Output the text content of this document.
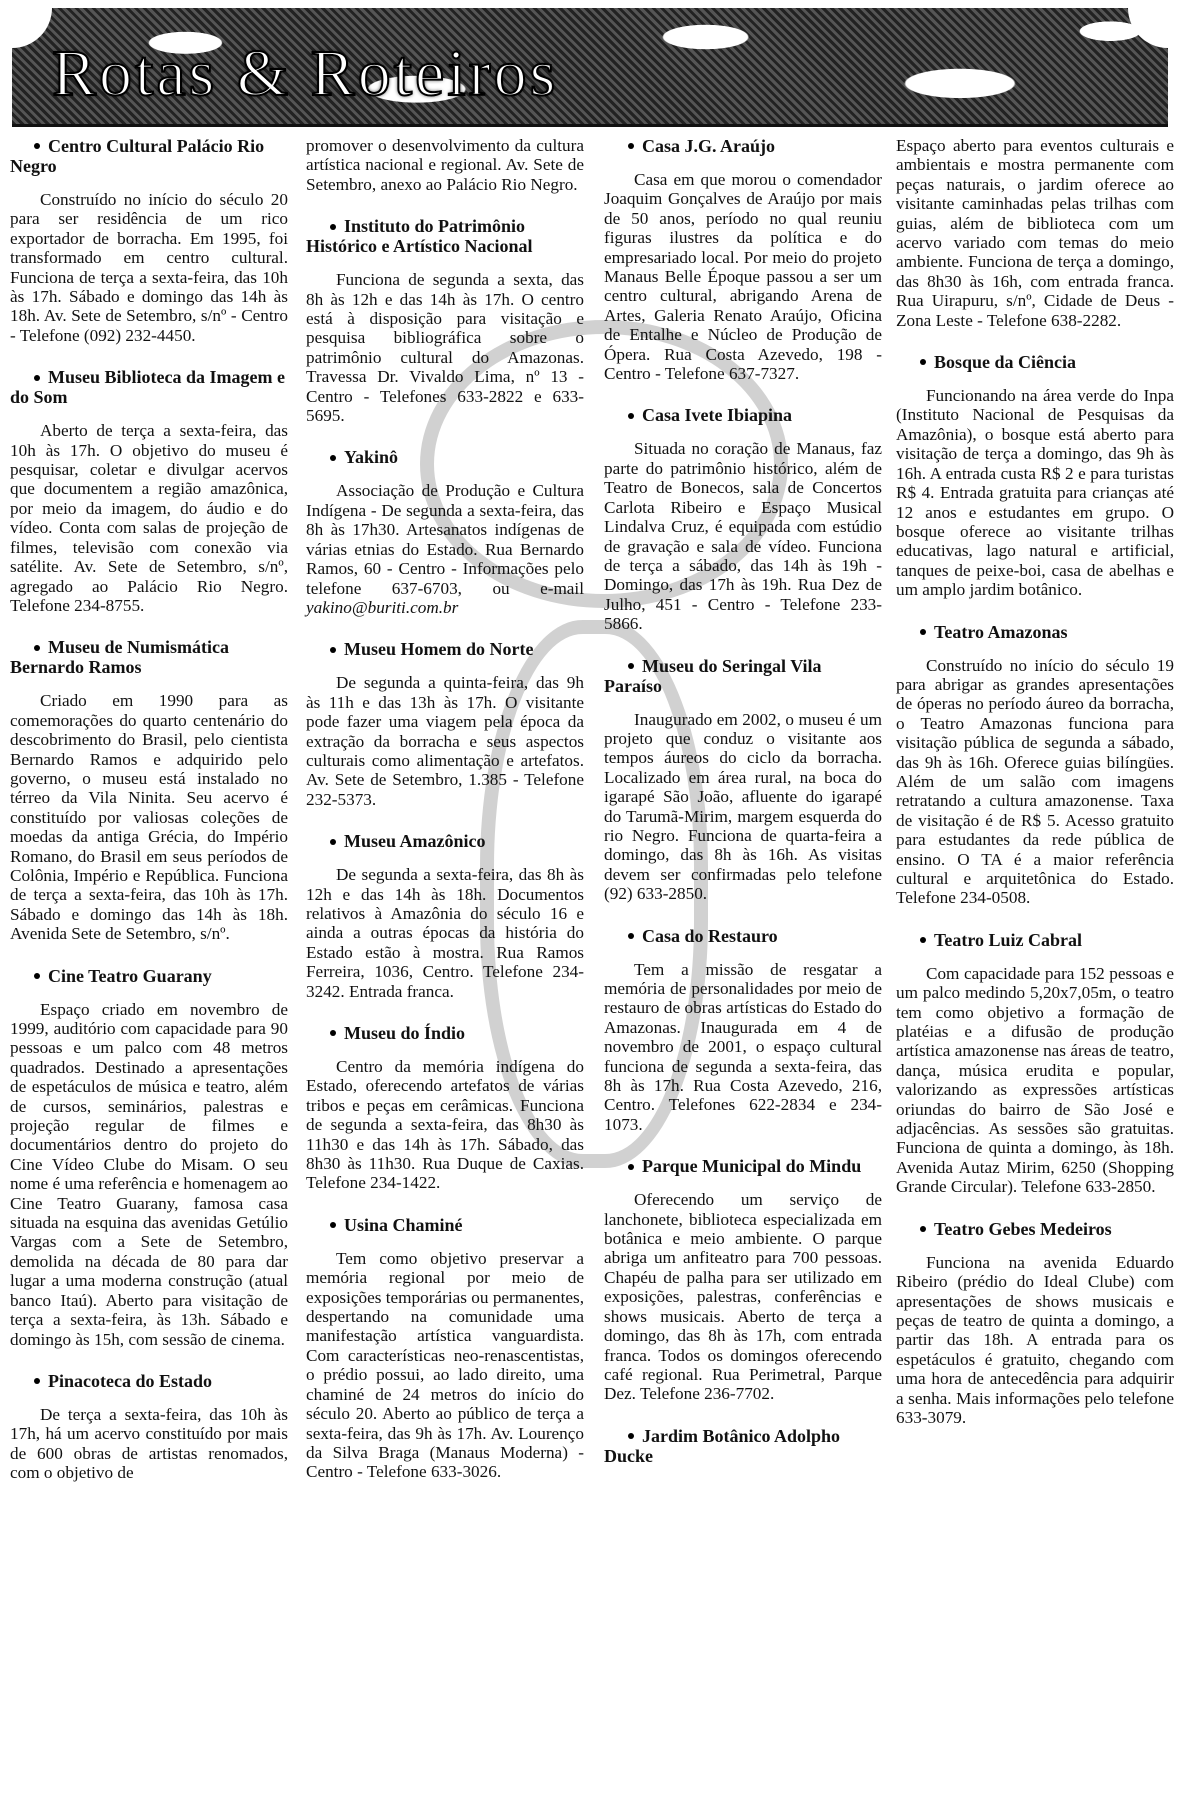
Rotas & Roteiros
Centro Cultural Palácio Rio Negro

Construído no início do século 20 para ser residência de um rico exportador de borracha. Em 1995, foi transformado em centro cultural. Funciona de terça a sexta-feira, das 10h às 17h. Sábado e domingo das 14h às 18h. Av. Sete de Setembro, s/nº - Centro - Telefone (092) 232-4450.

Museu Biblioteca da Imagem e do Som

Aberto de terça a sexta-feira, das 10h às 17h. O objetivo do museu é pesquisar, coletar e divulgar acervos que documentem a região amazônica, por meio da imagem, do áudio e do vídeo. Conta com salas de projeção de filmes, televisão com conexão via satélite. Av. Sete de Setembro, s/nº, agregado ao Palácio Rio Negro. Telefone 234-8755.

Museu de Numismática Bernardo Ramos

Criado em 1990 para as comemorações do quarto centenário do descobrimento do Brasil, pelo cientista Bernardo Ramos e adquirido pelo governo, o museu está instalado no térreo da Vila Ninita. Seu acervo é constituído por valiosas coleções de moedas da antiga Grécia, do Império Romano, do Brasil em seus períodos de Colônia, Império e República. Funciona de terça a sexta-feira, das 10h às 17h. Sábado e domingo das 14h às 18h. Avenida Sete de Setembro, s/nº.

Cine Teatro Guarany

Espaço criado em novembro de 1999, auditório com capacidade para 90 pessoas e um palco com 48 metros quadrados. Destinado a apresentações de espetáculos de música e teatro, além de cursos, seminários, palestras e projeção regular de filmes e documentários dentro do projeto do Cine Vídeo Clube do Misam. O seu nome é uma referência e homenagem ao Cine Teatro Guarany, famosa casa situada na esquina das avenidas Getúlio Vargas com a Sete de Setembro, demolida na década de 80 para dar lugar a uma moderna construção (atual banco Itaú). Aberto para visitação de terça a sexta-feira, às 13h. Sábado e domingo às 15h, com sessão de cinema.

Pinacoteca do Estado

De terça a sexta-feira, das 10h às 17h, há um acervo constituído por mais de 600 obras de artistas renomados, com o objetivo de

promover o desenvolvimento da cultura artística nacional e regional. Av. Sete de Setembro, anexo ao Palácio Rio Negro.

Instituto do Patrimônio Histórico e Artístico Nacional

Funciona de segunda a sexta, das 8h às 12h e das 14h às 17h. O centro está à disposição para visitação e pesquisa bibliográfica sobre o patrimônio cultural do Amazonas. Travessa Dr. Vivaldo Lima, nº 13 - Centro - Telefones 633-2822 e 633-5695.

Yakinô

Associação de Produção e Cultura Indígena - De segunda a sexta-feira, das 8h às 17h30. Artesanatos indígenas de várias etnias do Estado. Rua Bernardo Ramos, 60 - Centro - Informações pelo telefone 637-6703, ou e-mail yakino@buriti.com.br

Museu Homem do Norte

De segunda a quinta-feira, das 9h às 11h e das 13h às 17h. O visitante pode fazer uma viagem pela época da extração da borracha e seus aspectos culturais como alimentação e artefatos. Av. Sete de Setembro, 1.385 - Telefone 232-5373.

Museu Amazônico

De segunda a sexta-feira, das 8h às 12h e das 14h às 18h. Documentos relativos à Amazônia do século 16 e ainda a outras épocas da história do Estado estão à mostra. Rua Ramos Ferreira, 1036, Centro. Telefone 234-3242. Entrada franca.

Museu do Índio

Centro da memória indígena do Estado, oferecendo artefatos de várias tribos e peças em cerâmicas. Funciona de segunda a sexta-feira, das 8h30 às 11h30 e das 14h às 17h. Sábado, das 8h30 às 11h30. Rua Duque de Caxias. Telefone 234-1422.

Usina Chaminé

Tem como objetivo preservar a memória regional por meio de exposições temporárias ou permanentes, despertando na comunidade uma manifestação artística vanguardista. Com características neo-renascentistas, o prédio possui, ao lado direito, uma chaminé de 24 metros do início do século 20. Aberto ao público de terça a sexta-feira, das 9h às 17h. Av. Lourenço da Silva Braga (Manaus Moderna) - Centro - Telefone 633-3026.

Casa J.G. Araújo

Casa em que morou o comendador Joaquim Gonçalves de Araújo por mais de 50 anos, período no qual reuniu figuras ilustres da política e do empresariado local. Por meio do projeto Manaus Belle Époque passou a ser um centro cultural, abrigando Arena de Artes, Galeria Renato Araújo, Oficina de Entalhe e Núcleo de Produção de Ópera. Rua Costa Azevedo, 198 - Centro - Telefone 637-7327.

Casa Ivete Ibiapina

Situada no coração de Manaus, faz parte do patrimônio histórico, além de Teatro de Bonecos, sala de Concertos Carlota Ribeiro e Espaço Musical Lindalva Cruz, é equipada com estúdio de gravação e sala de vídeo. Funciona de terça a sábado, das 14h às 19h - Domingo, das 17h às 19h. Rua Dez de Julho, 451 - Centro - Telefone 233-5866.

Museu do Seringal Vila Paraíso

Inaugurado em 2002, o museu é um projeto que conduz o visitante aos tempos áureos do ciclo da borracha. Localizado em área rural, na boca do igarapé São João, afluente do igarapé do Tarumã-Mirim, margem esquerda do rio Negro. Funciona de quarta-feira a domingo, das 8h às 16h. As visitas devem ser confirmadas pelo telefone (92) 633-2850.

Casa do Restauro

Tem a missão de resgatar a memória de personalidades por meio de restauro de obras artísticas do Estado do Amazonas. Inaugurada em 4 de novembro de 2001, o espaço cultural funciona de segunda a sexta-feira, das 8h às 17h. Rua Costa Azevedo, 216, Centro. Telefones 622-2834 e 234-1073.

Parque Municipal do Mindu

Oferecendo um serviço de lanchonete, biblioteca especializada em botânica e meio ambiente. O parque abriga um anfiteatro para 700 pessoas. Chapéu de palha para ser utilizado em exposições, palestras, conferências e shows musicais. Aberto de terça a domingo, das 8h às 17h, com entrada franca. Todos os domingos oferecendo café regional. Rua Perimetral, Parque Dez. Telefone 236-7702.

Jardim Botânico Adolpho Ducke

Espaço aberto para eventos culturais e ambientais e mostra permanente com peças naturais, o jardim oferece ao visitante caminhadas pelas trilhas com guias, além de biblioteca com um acervo variado com temas do meio ambiente. Funciona de terça a domingo, das 8h30 às 16h, com entrada franca. Rua Uirapuru, s/nº, Cidade de Deus - Zona Leste - Telefone 638-2282.

Bosque da Ciência

Funcionando na área verde do Inpa (Instituto Nacional de Pesquisas da Amazônia), o bosque está aberto para visitação de terça a domingo, das 9h às 16h. A entrada custa R$ 2 e para turistas R$ 4. Entrada gratuita para crianças até 12 anos e estudantes em grupo. O bosque oferece ao visitante trilhas educativas, lago natural e artificial, tanques de peixe-boi, casa de abelhas e um amplo jardim botânico.

Teatro Amazonas

Construído no início do século 19 para abrigar as grandes apresentações de óperas no período áureo da borracha, o Teatro Amazonas funciona para visitação pública de segunda a sábado, das 9h às 16h. Oferece guias bilíngües. Além de um salão com imagens retratando a cultura amazonense. Taxa de visitação é de R$ 5. Acesso gratuito para estudantes da rede pública de ensino. O TA é a maior referência cultural e arquitetônica do Estado. Telefone 234-0508.

Teatro Luiz Cabral

Com capacidade para 152 pessoas e um palco medindo 5,20x7,05m, o teatro tem como objetivo a formação de platéias e a difusão de produção artística amazonense nas áreas de teatro, dança, música erudita e popular, valorizando as expressões artísticas oriundas do bairro de São José e adjacências. As sessões são gratuitas. Funciona de quinta a domingo, às 18h. Avenida Autaz Mirim, 6250 (Shopping Grande Circular). Telefone 633-2850.

Teatro Gebes Medeiros

Funciona na avenida Eduardo Ribeiro (prédio do Ideal Clube) com apresentações de shows musicais e peças de teatro de quinta a domingo, a partir das 18h. A entrada para os espetáculos é gratuito, chegando com uma hora de antecedência para adquirir a senha. Mais informações pelo telefone 633-3079.
